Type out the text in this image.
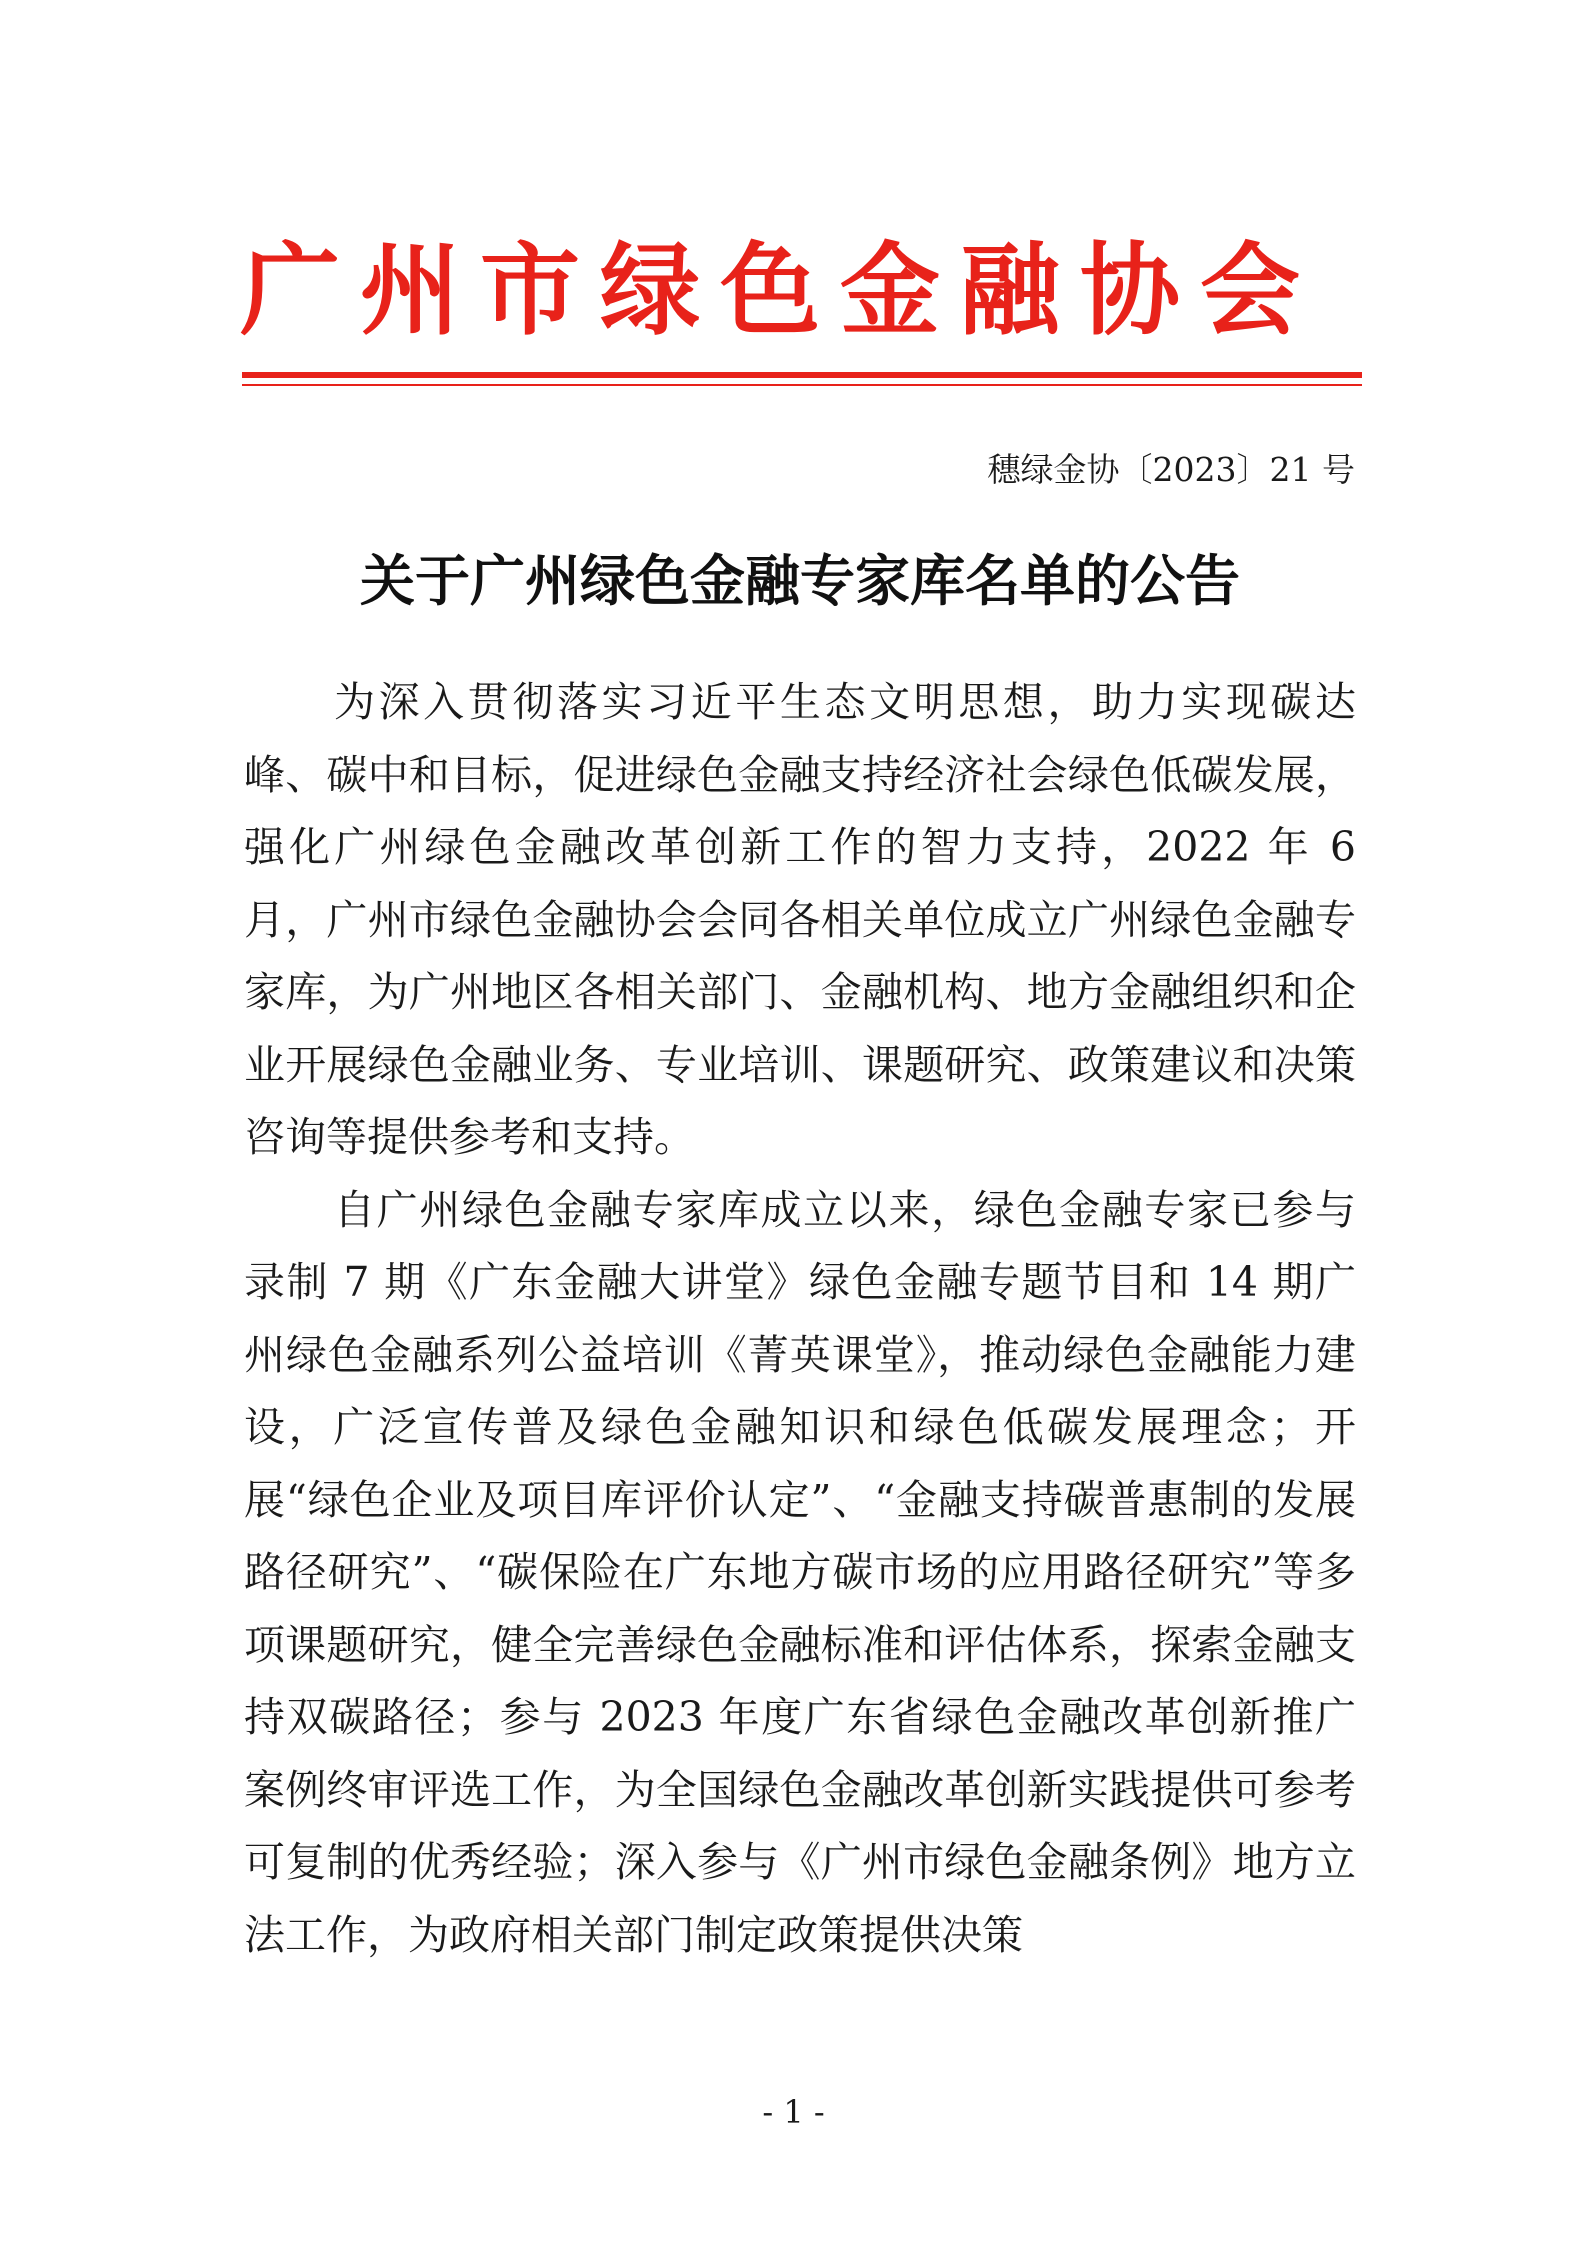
广州市绿色金融协会
穗绿金协〔2023〕21 号
关于广州绿色金融专家库名单的公告

为深入贯彻落实习近平生态文明思想，助力实现碳达峰、碳中和目标，促进绿色金融支持经济社会绿色低碳发展，强化广州绿色金融改革创新工作的智力支持，2022 年 6 月，广州市绿色金融协会会同各相关单位成立广州绿色金融专家库，为广州地区各相关部门、金融机构、地方金融组织和企业开展绿色金融业务、专业培训、课题研究、政策建议和决策咨询等提供参考和支持。

自广州绿色金融专家库成立以来，绿色金融专家已参与录制 7 期《广东金融大讲堂》绿色金融专题节目和 14 期广州绿色金融系列公益培训《菁英课堂》，推动绿色金融能力建设，广泛宣传普及绿色金融知识和绿色低碳发展理念；开展“绿色企业及项目库评价认定”、“金融支持碳普惠制的发展路径研究”、“碳保险在广东地方碳市场的应用路径研究”等多项课题研究，健全完善绿色金融标准和评估体系，探索金融支持双碳路径；参与 2023 年度广东省绿色金融改革创新推广案例终审评选工作，为全国绿色金融改革创新实践提供可参考可复制的优秀经验；深入参与《广州市绿色金融条例》地方立法工作，为政府相关部门制定政策提供决策

- 1 -
